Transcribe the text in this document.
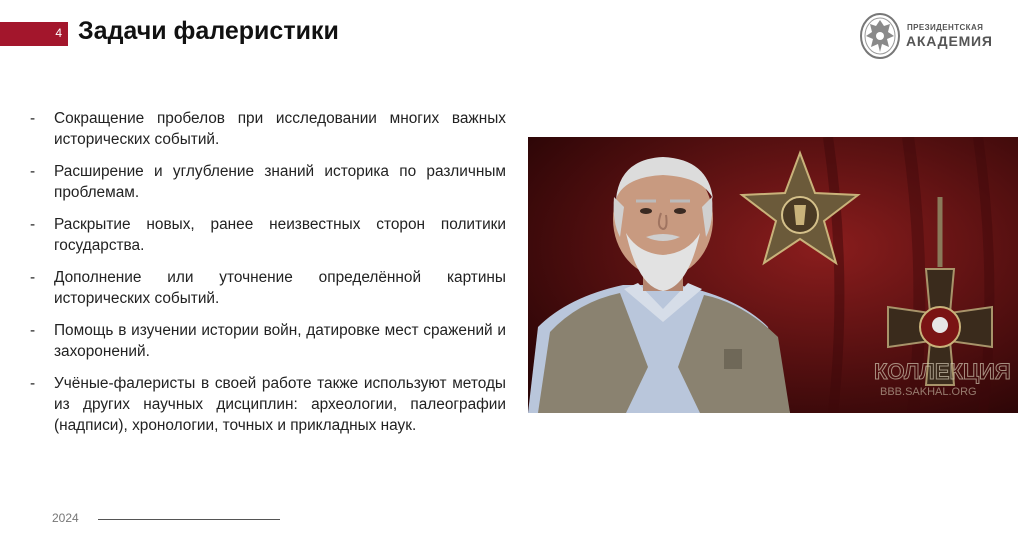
4 Задачи фалеристики	ПРЕЗИДЕНТСКАЯ
АКАДЕМИЯ
- Сокращение пробелов при исследовании многих важных исторических событий.
- Расширение и углубление знаний историка по различным проблемам.
- Раскрытие новых, ранее неизвестных сторон политики государства.
- Дополнение или уточнение определённой картины исторических событий.
- Помощь в изучении истории войн, датировке мест сражений и захоронений.
- Учёные-фалеристы в своей работе также используют методы из других научных дисциплин: археологии, палеографии (надписи), хронологии, точных и прикладных наук.
КОЛЛЕКЦИЯ
ВВВ.SAKHAL.ORG
2024
